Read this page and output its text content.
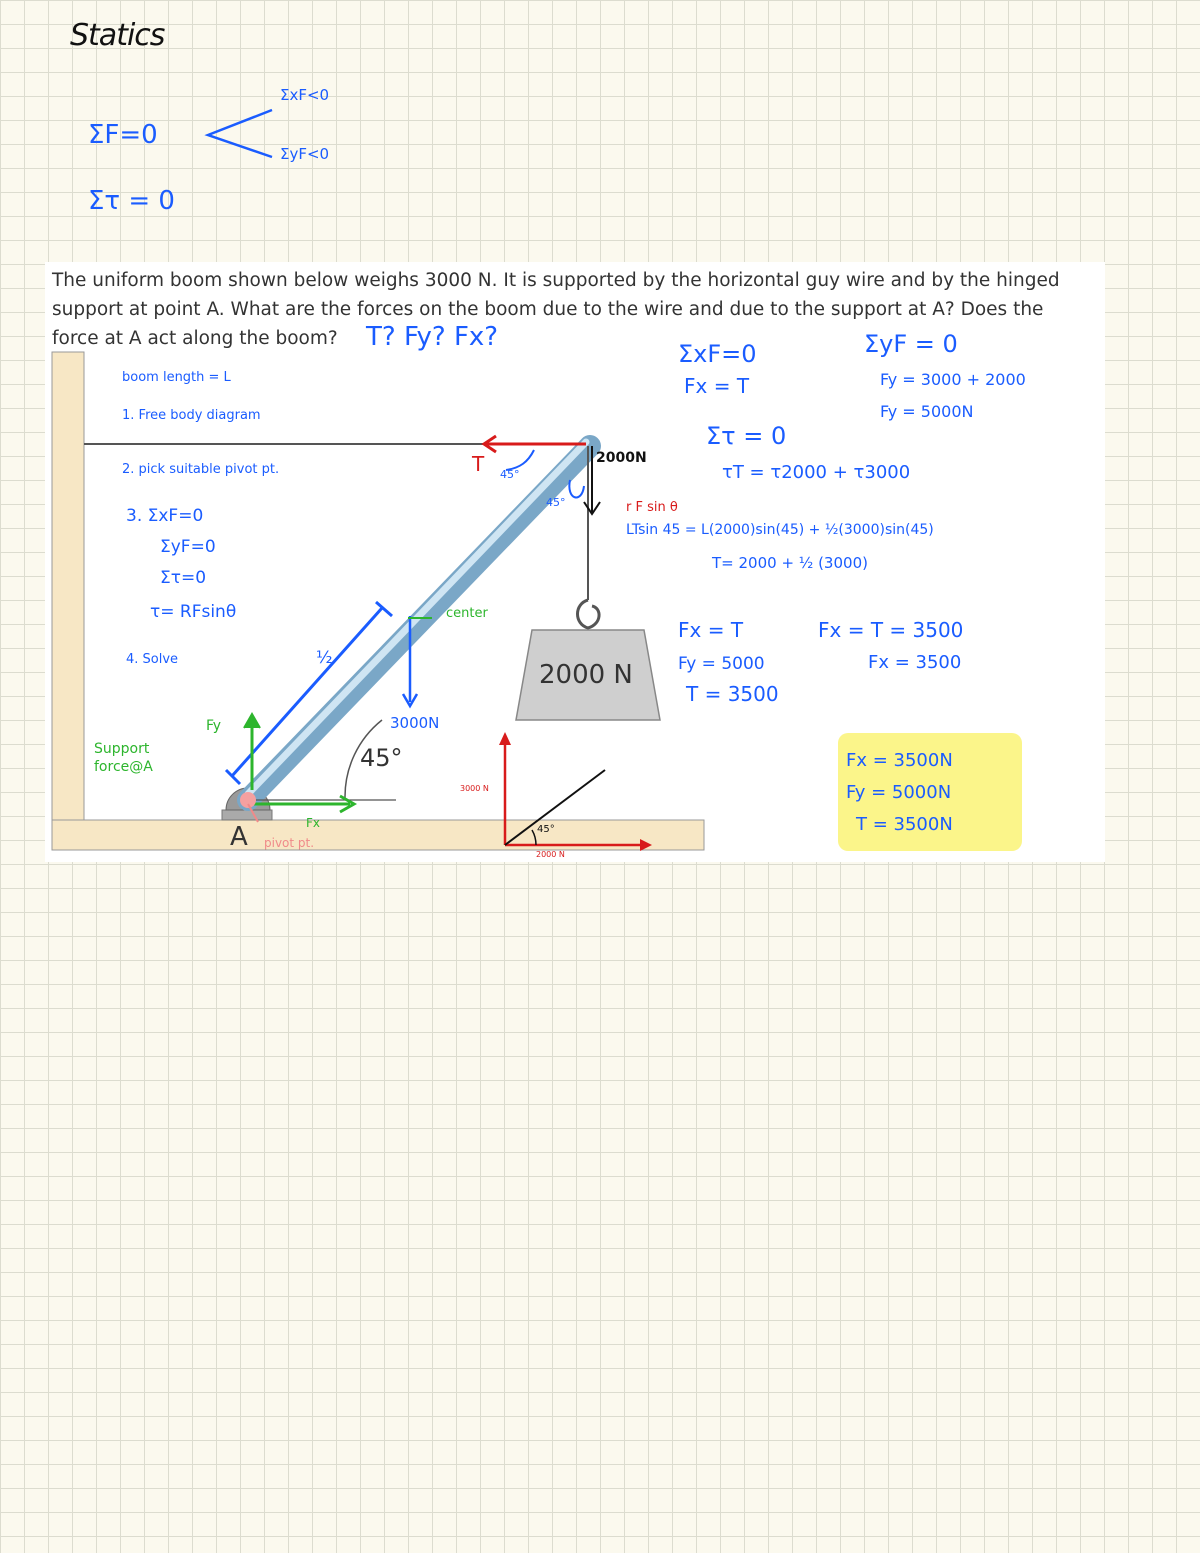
Statics
ΣF=0
ΣxF<0
ΣyF<0
Στ = 0
The uniform boom shown below weighs 3000 N. It is supported by the horizontal guy wire and by the hinged
support at point A. What are the forces on the boom due to the wire and due to the support at A? Does the
force at A act along the boom?	T? Fy? Fx?
boom length = L
1. Free body diagram
2. pick suitable pivot pt.
3. ΣxF=0
ΣyF=0
Στ=0
τ= RFsinθ
4. Solve
2000 N
45°
A
2000N
T 45°
45°
center
3000N
½
Support force@A
Fy
Fx
pivot pt.
3000 N
45°
2000 N
ΣxF=0
Fx = T
ΣyF = 0
Fy = 3000 + 2000
Fy = 5000N
Στ = 0
τT = τ2000 + τ3000
r F sin θ
LTsin 45 = L(2000)sin(45) + ½(3000)sin(45)
T= 2000 + ½ (3000)
Fx = T
Fy = 5000
T = 3500
Fx = T = 3500
Fx = 3500
Fx = 3500N
Fy = 5000N
T = 3500N
